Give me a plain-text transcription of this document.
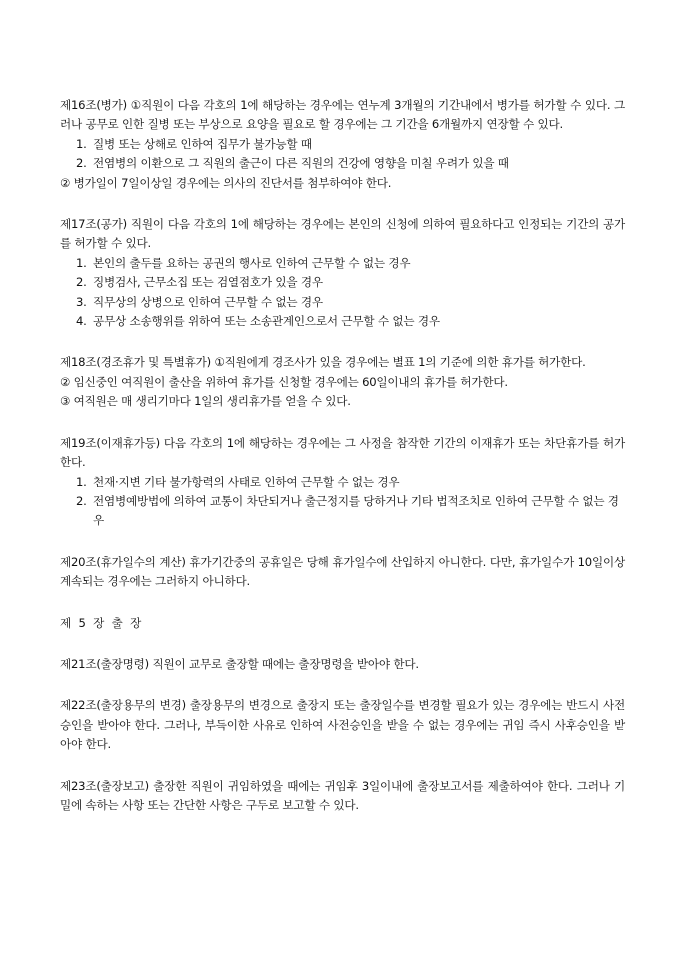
제16조(병가) ①직원이 다음 각호의 1에 해당하는 경우에는 연누계 3개월의 기간내에서 병가를 허가할 수 있다. 그러나 공무로 인한 질병 또는 부상으로 요양을 필요로 할 경우에는 그 기간을 6개월까지 연장할 수 있다.

1. 질병 또는 상해로 인하여 집무가 불가능할 때
2. 전염병의 이환으로 그 직원의 출근이 다른 직원의 건강에 영향을 미칠 우려가 있을 때

② 병가일이 7일이상일 경우에는 의사의 진단서를 첨부하여야 한다.

제17조(공가) 직원이 다음 각호의 1에 해당하는 경우에는 본인의 신청에 의하여 필요하다고 인정되는 기간의 공가를 허가할 수 있다.

1. 본인의 출두를 요하는 공권의 행사로 인하여 근무할 수 없는 경우
2. 징병검사, 근무소집 또는 검열점호가 있을 경우
3. 직무상의 상병으로 인하여 근무할 수 없는 경우
4. 공무상 소송행위를 위하여 또는 소송관계인으로서 근무할 수 없는 경우

제18조(경조휴가 및 특별휴가) ①직원에게 경조사가 있을 경우에는 별표 1의 기준에 의한 휴가를 허가한다.

② 임신중인 여직원이 출산을 위하여 휴가를 신청할 경우에는 60일이내의 휴가를 허가한다.

③ 여직원은 매 생리기마다 1일의 생리휴가를 얻을 수 있다.

제19조(이재휴가등) 다음 각호의 1에 해당하는 경우에는 그 사정을 참작한 기간의 이재휴가 또는 차단휴가를 허가한다.

1. 천재·지변 기타 불가항력의 사태로 인하여 근무할 수 없는 경우
2. 전염병예방법에 의하여 교통이 차단되거나 출근정지를 당하거나 기타 법적조치로 인하여 근무할 수 없는 경우

제20조(휴가일수의 계산) 휴가기간중의 공휴일은 당해 휴가일수에 산입하지 아니한다. 다만, 휴가일수가 10일이상 계속되는 경우에는 그러하지 아니하다.

제 5 장 출 장

제21조(출장명령) 직원이 교무로 출장할 때에는 출장명령을 받아야 한다.

제22조(출장용무의 변경) 출장용무의 변경으로 출장지 또는 출장일수를 변경할 필요가 있는 경우에는 반드시 사전승인을 받아야 한다. 그러나, 부득이한 사유로 인하여 사전승인을 받을 수 없는 경우에는 귀임 즉시 사후승인을 받아야 한다.

제23조(출장보고) 출장한 직원이 귀임하였을 때에는 귀임후 3일이내에 출장보고서를 제출하여야 한다. 그러나 기밀에 속하는 사항 또는 간단한 사항은 구두로 보고할 수 있다.
